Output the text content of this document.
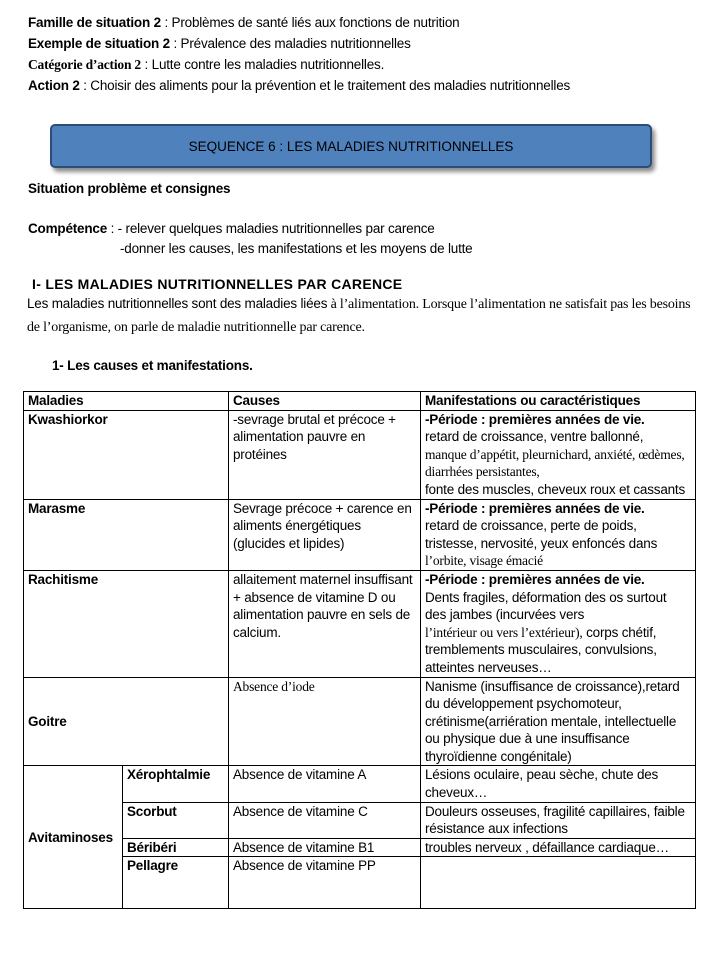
Famille de situation 2 : Problèmes de santé liés aux fonctions de nutrition
Exemple de situation 2 : Prévalence des maladies nutritionnelles
Catégorie d’action 2 : Lutte contre les maladies nutritionnelles.
Action 2 : Choisir des aliments pour la prévention et le traitement des maladies nutritionnelles
SEQUENCE 6 : LES MALADIES NUTRITIONNELLES
Situation problème et consignes
Compétence : - relever quelques maladies nutritionnelles par carence
-donner les causes, les manifestations et les moyens de lutte
I- LES MALADIES NUTRITIONNELLES PAR CARENCE
Les maladies nutritionnelles sont des maladies liées à l’alimentation. Lorsque l’alimentation ne satisfait pas les besoins de l’organisme, on parle de maladie nutritionnelle par carence.
1- Les causes et manifestations.
Maladies		Causes	Manifestations ou caractéristiques
Kwashiorkor		-sevrage brutal et précoce + alimentation pauvre en protéines	-Période : premières années de vie.
retard de croissance, ventre ballonné,
manque d’appétit, pleurnichard, anxiété, œdèmes, diarrhées persistantes,
fonte des muscles, cheveux roux et cassants

Marasme		Sevrage précoce + carence en aliments énergétiques (glucides et lipides)	-Période : premières années de vie.
retard de croissance, perte de poids, tristesse, nervosité, yeux enfoncés dans
l’orbite, visage émacié

Rachitisme		allaitement maternel insuffisant + absence de vitamine D ou alimentation pauvre en sels de calcium.	-Période : premières années de vie.
Dents fragiles, déformation des os surtout des jambes (incurvées vers
l’intérieur ou vers l’extérieur), corps chétif, tremblements musculaires, convulsions, atteintes nerveuses…

Goitre		Absence d’iode	Nanisme (insuffisance de croissance),retard du développement psychomoteur, crétinisme(arriération mentale, intellectuelle ou physique due à une insuffisance thyroïdienne congénitale)
Avitaminoses	Xérophtalmie	Absence de vitamine A	Lésions oculaire, peau sèche, chute des cheveux…
	Scorbut	Absence de vitamine C	Douleurs osseuses, fragilité capillaires, faible résistance aux infections
	Béribéri	Absence de vitamine B1	troubles nerveux , défaillance cardiaque…
	Pellagre	Absence de vitamine PP	
